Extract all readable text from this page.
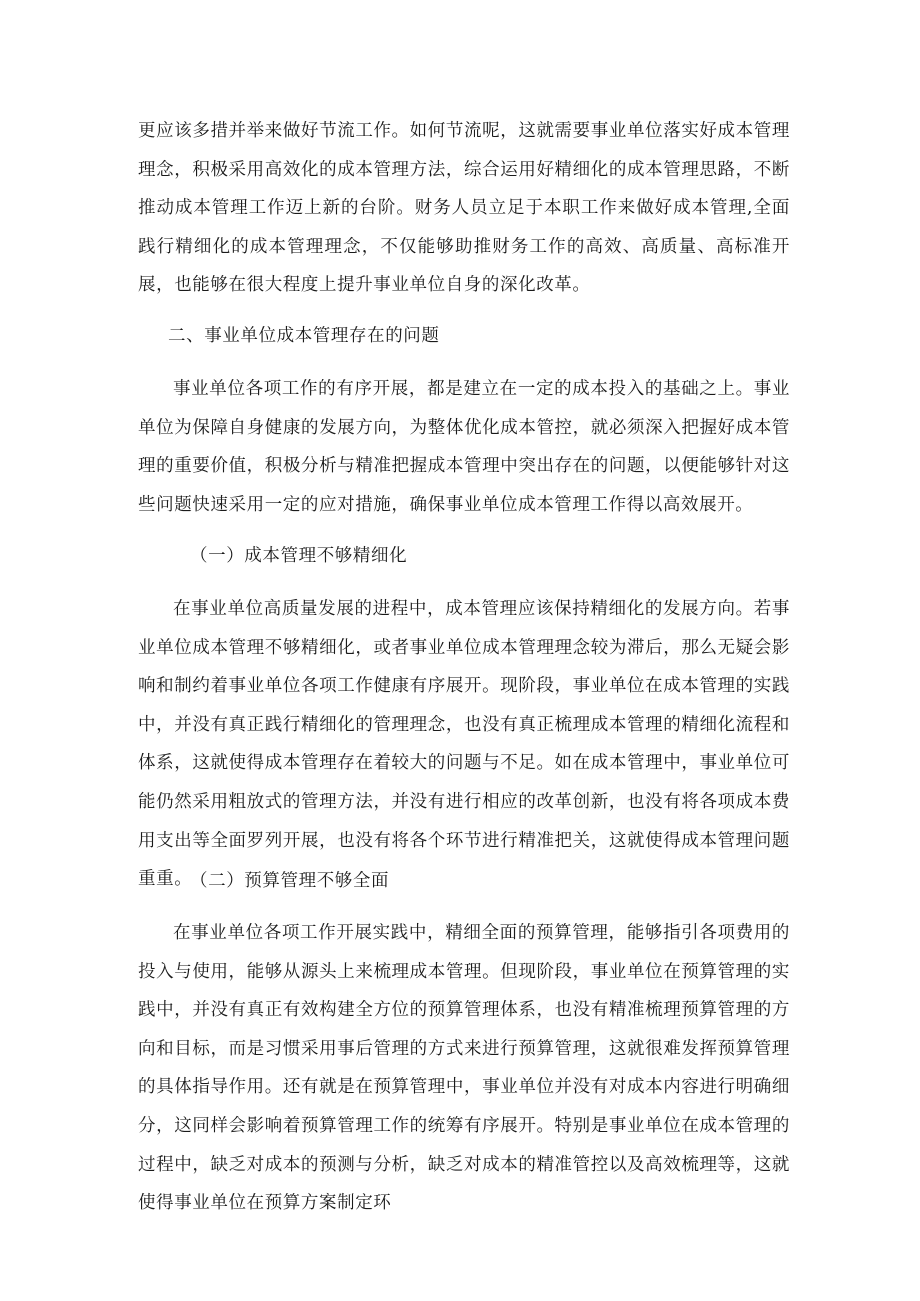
更应该多措并举来做好节流工作。如何节流呢，这就需要事业单位落实好成本管理理念，积极采用高效化的成本管理方法，综合运用好精细化的成本管理思路，不断推动成本管理工作迈上新的台阶。财务人员立足于本职工作来做好成本管理,全面践行精细化的成本管理理念，不仅能够助推财务工作的高效、高质量、高标准开展，也能够在很大程度上提升事业单位自身的深化改革。

二、事业单位成本管理存在的问题

事业单位各项工作的有序开展，都是建立在一定的成本投入的基础之上。事业单位为保障自身健康的发展方向，为整体优化成本管控，就必须深入把握好成本管理的重要价值，积极分析与精准把握成本管理中突出存在的问题，以便能够针对这些问题快速采用一定的应对措施，确保事业单位成本管理工作得以高效展开。

（一）成本管理不够精细化

在事业单位高质量发展的进程中，成本管理应该保持精细化的发展方向。若事业单位成本管理不够精细化，或者事业单位成本管理理念较为滞后，那么无疑会影响和制约着事业单位各项工作健康有序展开。现阶段，事业单位在成本管理的实践中，并没有真正践行精细化的管理理念，也没有真正梳理成本管理的精细化流程和体系，这就使得成本管理存在着较大的问题与不足。如在成本管理中，事业单位可能仍然采用粗放式的管理方法，并没有进行相应的改革创新，也没有将各项成本费用支出等全面罗列开展，也没有将各个环节进行精准把关，这就使得成本管理问题重重。

（二）预算管理不够全面

在事业单位各项工作开展实践中，精细全面的预算管理，能够指引各项费用的投入与使用，能够从源头上来梳理成本管理。但现阶段，事业单位在预算管理的实践中，并没有真正有效构建全方位的预算管理体系，也没有精准梳理预算管理的方向和目标，而是习惯采用事后管理的方式来进行预算管理，这就很难发挥预算管理的具体指导作用。还有就是在预算管理中，事业单位并没有对成本内容进行明确细分，这同样会影响着预算管理工作的统筹有序展开。特别是事业单位在成本管理的过程中，缺乏对成本的预测与分析，缺乏对成本的精准管控以及高效梳理等，这就使得事业单位在预算方案制定环
